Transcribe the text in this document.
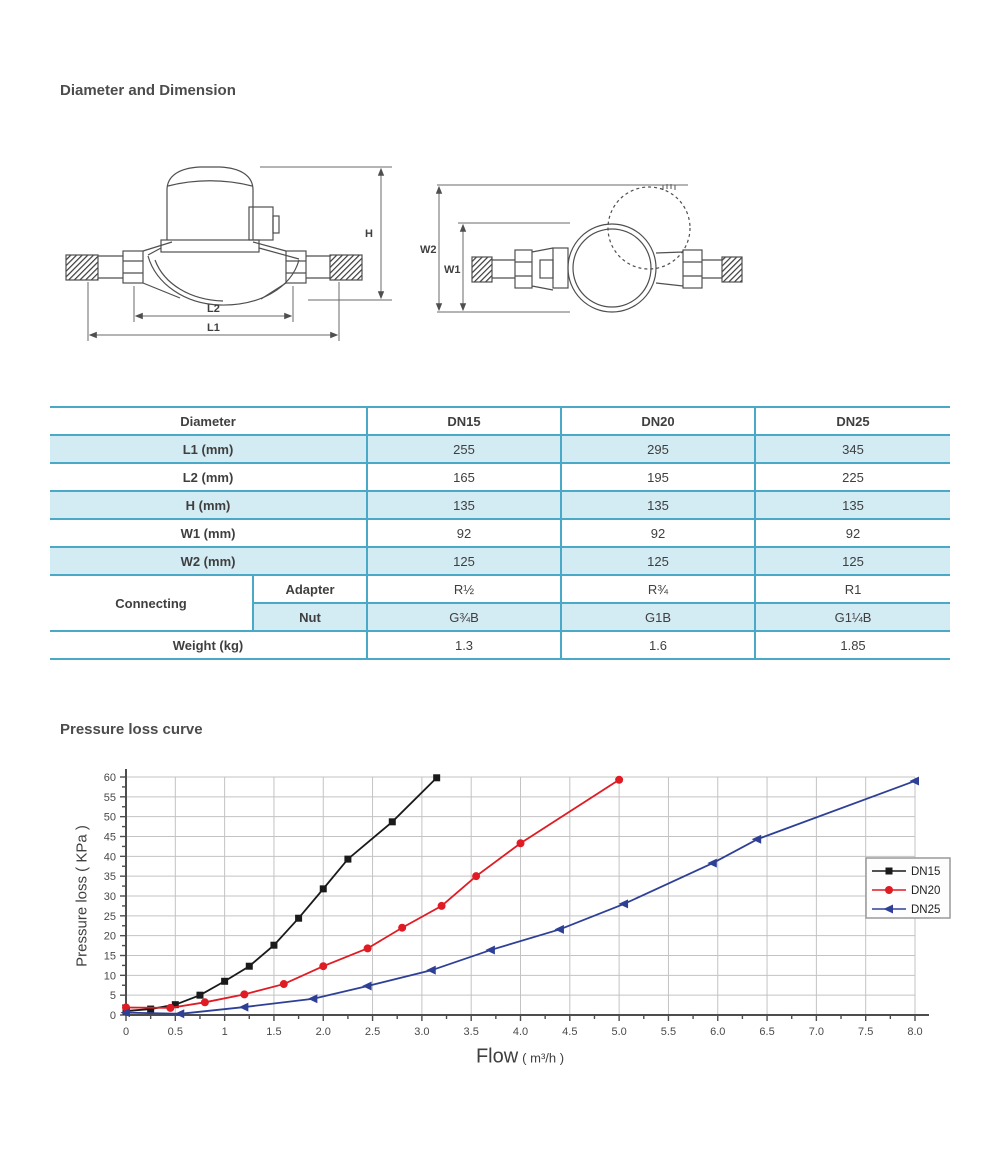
Diameter and Dimension
H
L2
L1
W2
W1
Diameter		DN15	DN20	DN25
L1 (mm)		255	295	345
L2 (mm)		165	195	225
H (mm)		135	135	135
W1 (mm)		92	92	92
W2 (mm)		125	125	125
Connecting	Adapter	R½	R¾	R1
	Nut	G¾B	G1B	G1¼B
Weight (kg)		1.3	1.6	1.85
Pressure loss curve
0	0.5	1	1.5	2.0	2.5	3.0	3.5	4.0	4.5	5.0	5.5	6.0	6.5	7.0	7.5	8.0
0
5
10
15
20
25
30
35
40
45
50
55
60
DN15
DN20
DN25
Pressure loss ( KPa )
Flow ( m³/h )
